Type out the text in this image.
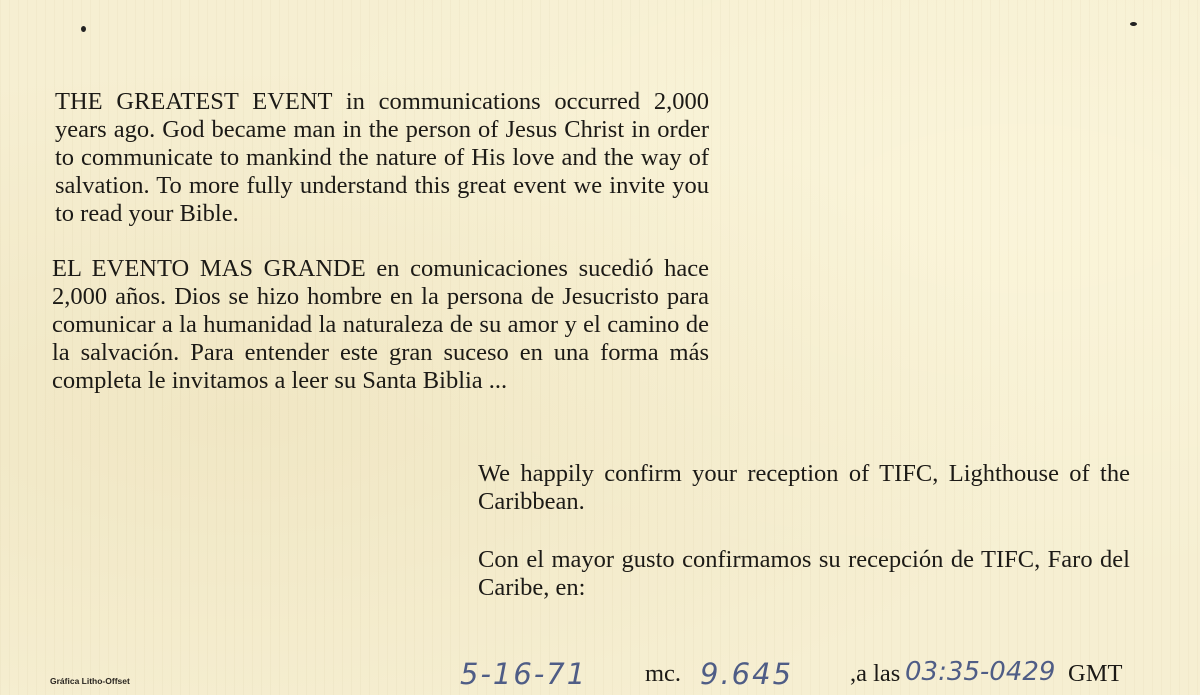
THE GREATEST EVENT in communications occurred 2,000 years ago. God became man in the person of Jesus Christ in order to communicate to mankind the nature of His love and the way of salvation. To more fully understand this great event we invite you to read your Bible.

EL EVENTO MAS GRANDE en comunicaciones sucedió hace 2,000 años. Dios se hizo hombre en la persona de Jesucristo para comunicar a la humanidad la naturaleza de su amor y el camino de la salvación. Para entender este gran suceso en una forma más completa le invitamos a leer su Santa Biblia ...

We happily confirm your reception of TIFC, Lighthouse of the Caribbean.

Con el mayor gusto confirmamos su recepción de TIFC, Faro del Caribe, en:

Gráfica Litho-Offset	5-16-71 mc. 9.645 ,a las 03:35-0429 GMT
